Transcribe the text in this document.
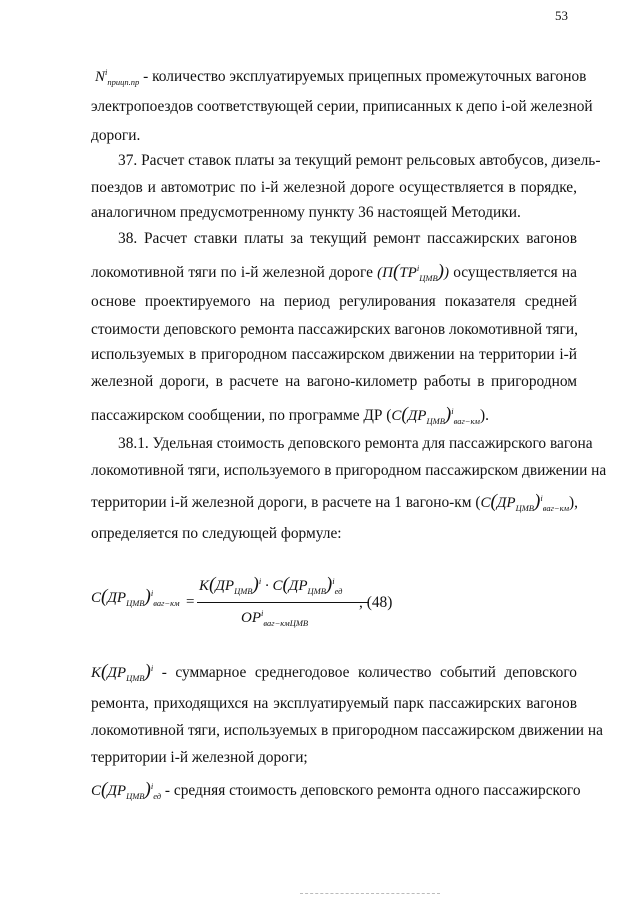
53
$N^i_{прицп.пр}$ - количество эксплуатируемых прицепных промежуточных вагонов
электропоездов соответствующей серии, приписанных к депо i-ой железной
дороги.
37. Расчет ставок платы за текущий ремонт рельсовых автобусов, дизель-
поездов и автомотрис по i-й железной дороге осуществляется в порядке,
аналогичном предусмотренному пункту 36 настоящей Методики.
38. Расчет ставки платы за текущий ремонт пассажирских вагонов
локомотивной тяги по i-й железной дороге $(П(TP^i_{ЦМВ}))$ осуществляется на
основе проектируемого на период регулирования показателя средней
стоимости деповского ремонта пассажирских вагонов локомотивной тяги,
используемых в пригородном пассажирском движении на территории i-й
железной дороги, в расчете на вагоно-километр работы в пригородном
пассажирском сообщении, по программе ДР $(C(ДР_{ЦМВ})^i_{ваг-км})$.
38.1. Удельная стоимость деповского ремонта для пассажирского вагона
локомотивной тяги, используемого в пригородном пассажирском движении на
территории i-й железной дороги, в расчете на 1 вагоно-км $(C(ДР_{ЦМВ})^i_{ваг-км})$,
определяется по следующей формуле:
$C(ДР_{ЦМВ})^i_{ваг-км}$ =
$K(ДР_{ЦМВ})^i \cdot C(ДР_{ЦМВ})^i_{ед}$
$OP^i_{ваг-кмЦМВ}$
, (48)
$K(ДР_{ЦМВ})^i$ - суммарное среднегодовое количество событий деповского
ремонта, приходящихся на эксплуатируемый парк пассажирских вагонов
локомотивной тяги, используемых в пригородном пассажирском движении на
территории i-й железной дороги;
$C(ДР_{ЦМВ})^i_{ед}$ - средняя стоимость деповского ремонта одного пассажирского
